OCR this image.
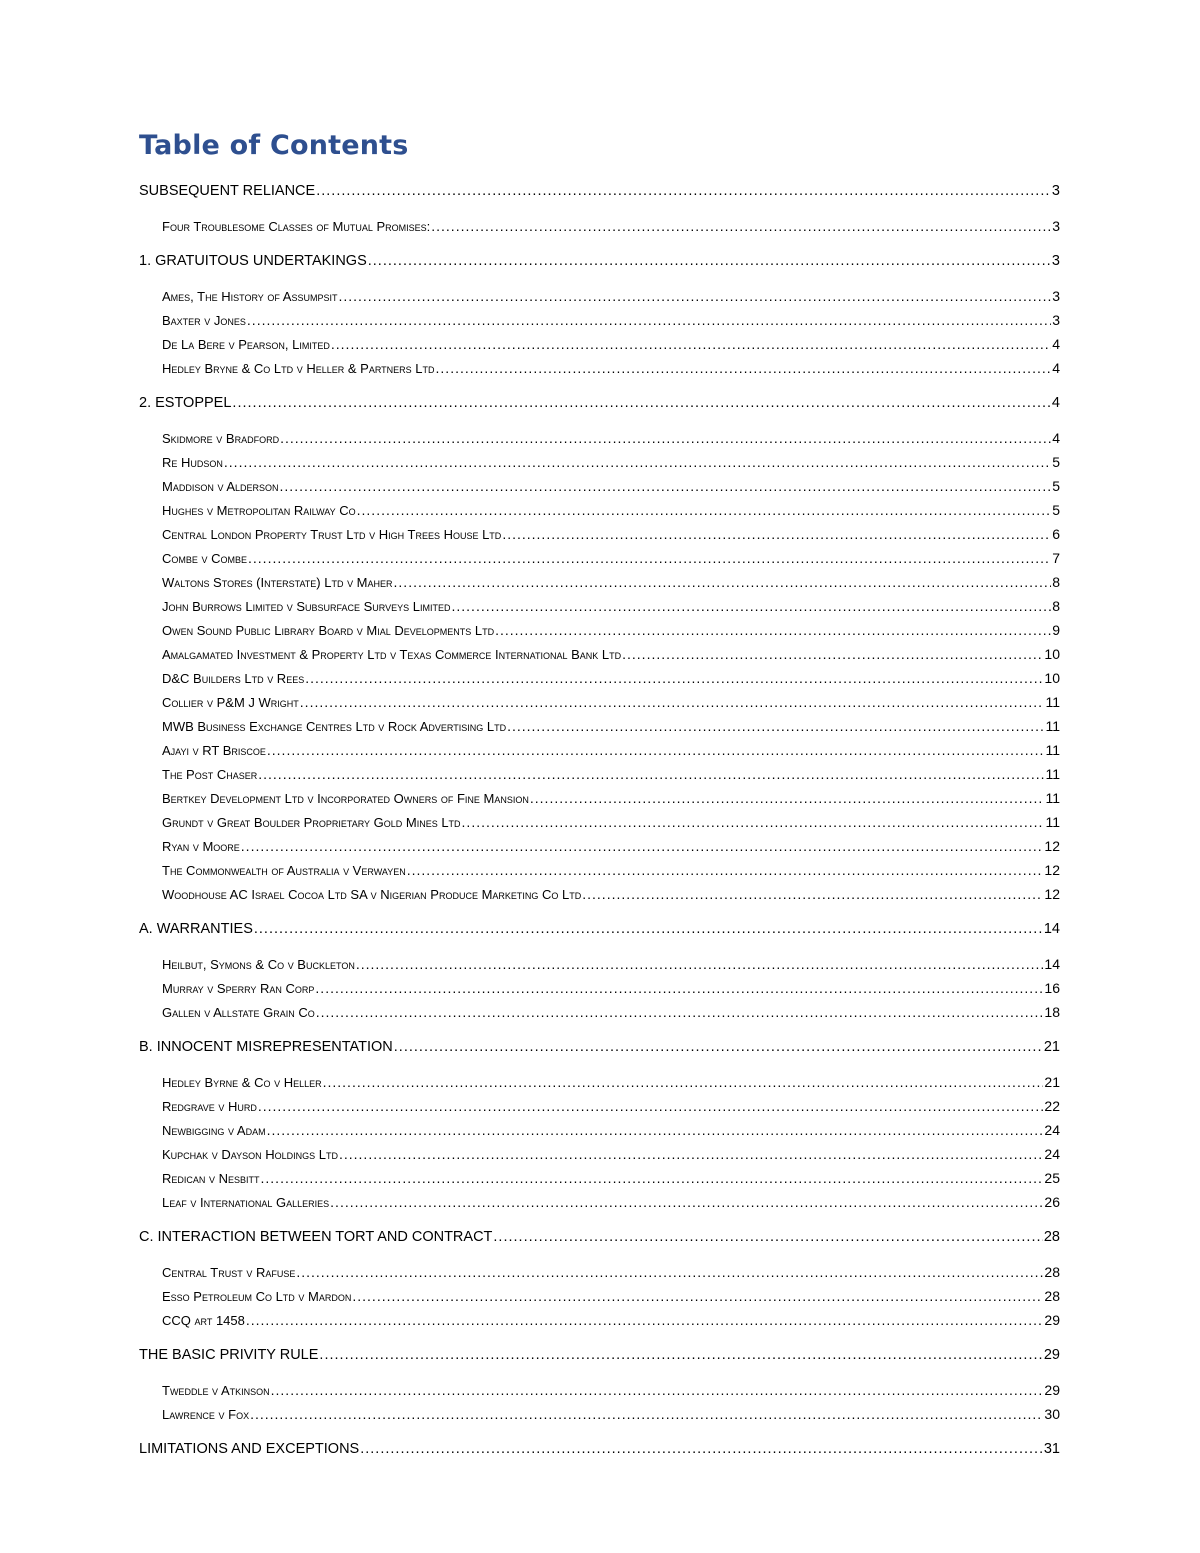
Table of Contents
SUBSEQUENT RELIANCE .....	3
Four Troublesome Classes of Mutual Promises: .....	3
1. GRATUITOUS UNDERTAKINGS .....	3
Ames, The History of Assumpsit .....	3
Baxter v Jones .....	3
De La Bere v Pearson, Limited .....	4
Hedley Bryne & Co Ltd v Heller & Partners Ltd .....	4
2. ESTOPPEL .....	4
Skidmore v Bradford .....	4
Re Hudson .....	5
Maddison v Alderson .....	5
Hughes v Metropolitan Railway Co .....	5
Central London Property Trust Ltd v High Trees House Ltd .....	6
Combe v Combe .....	7
Waltons Stores (Interstate) Ltd v Maher .....	8
John Burrows Limited v Subsurface Surveys Limited .....	8
Owen Sound Public Library Board v Mial Developments Ltd .....	9
Amalgamated Investment & Property Ltd v Texas Commerce International Bank Ltd .....	10
D&C Builders Ltd v Rees .....	10
Collier v P&M J Wright .....	11
MWB Business Exchange Centres Ltd v Rock Advertising Ltd .....	11
Ajayi v RT Briscoe .....	11
The Post Chaser .....	11
Bertkey Development Ltd v Incorporated Owners of Fine Mansion .....	11
Grundt v Great Boulder Proprietary Gold Mines Ltd .....	11
Ryan v Moore .....	12
The Commonwealth of Australia v Verwayen .....	12
Woodhouse AC Israel Cocoa Ltd SA v Nigerian Produce Marketing Co Ltd .....	12
A. WARRANTIES .....	14
Heilbut, Symons & Co v Buckleton .....	14
Murray v Sperry Ran Corp .....	16
Gallen v Allstate Grain Co .....	18
B. INNOCENT MISREPRESENTATION .....	21
Hedley Byrne & Co v Heller .....	21
Redgrave v Hurd .....	22
Newbigging v Adam .....	24
Kupchak v Dayson Holdings Ltd .....	24
Redican v Nesbitt .....	25
Leaf v International Galleries .....	26
C. INTERACTION BETWEEN TORT AND CONTRACT .....	28
Central Trust v Rafuse .....	28
Esso Petroleum Co Ltd v Mardon .....	28
CCQ art 1458 .....	29
THE BASIC PRIVITY RULE .....	29
Tweddle v Atkinson .....	29
Lawrence v Fox .....	30
LIMITATIONS AND EXCEPTIONS .....	31
